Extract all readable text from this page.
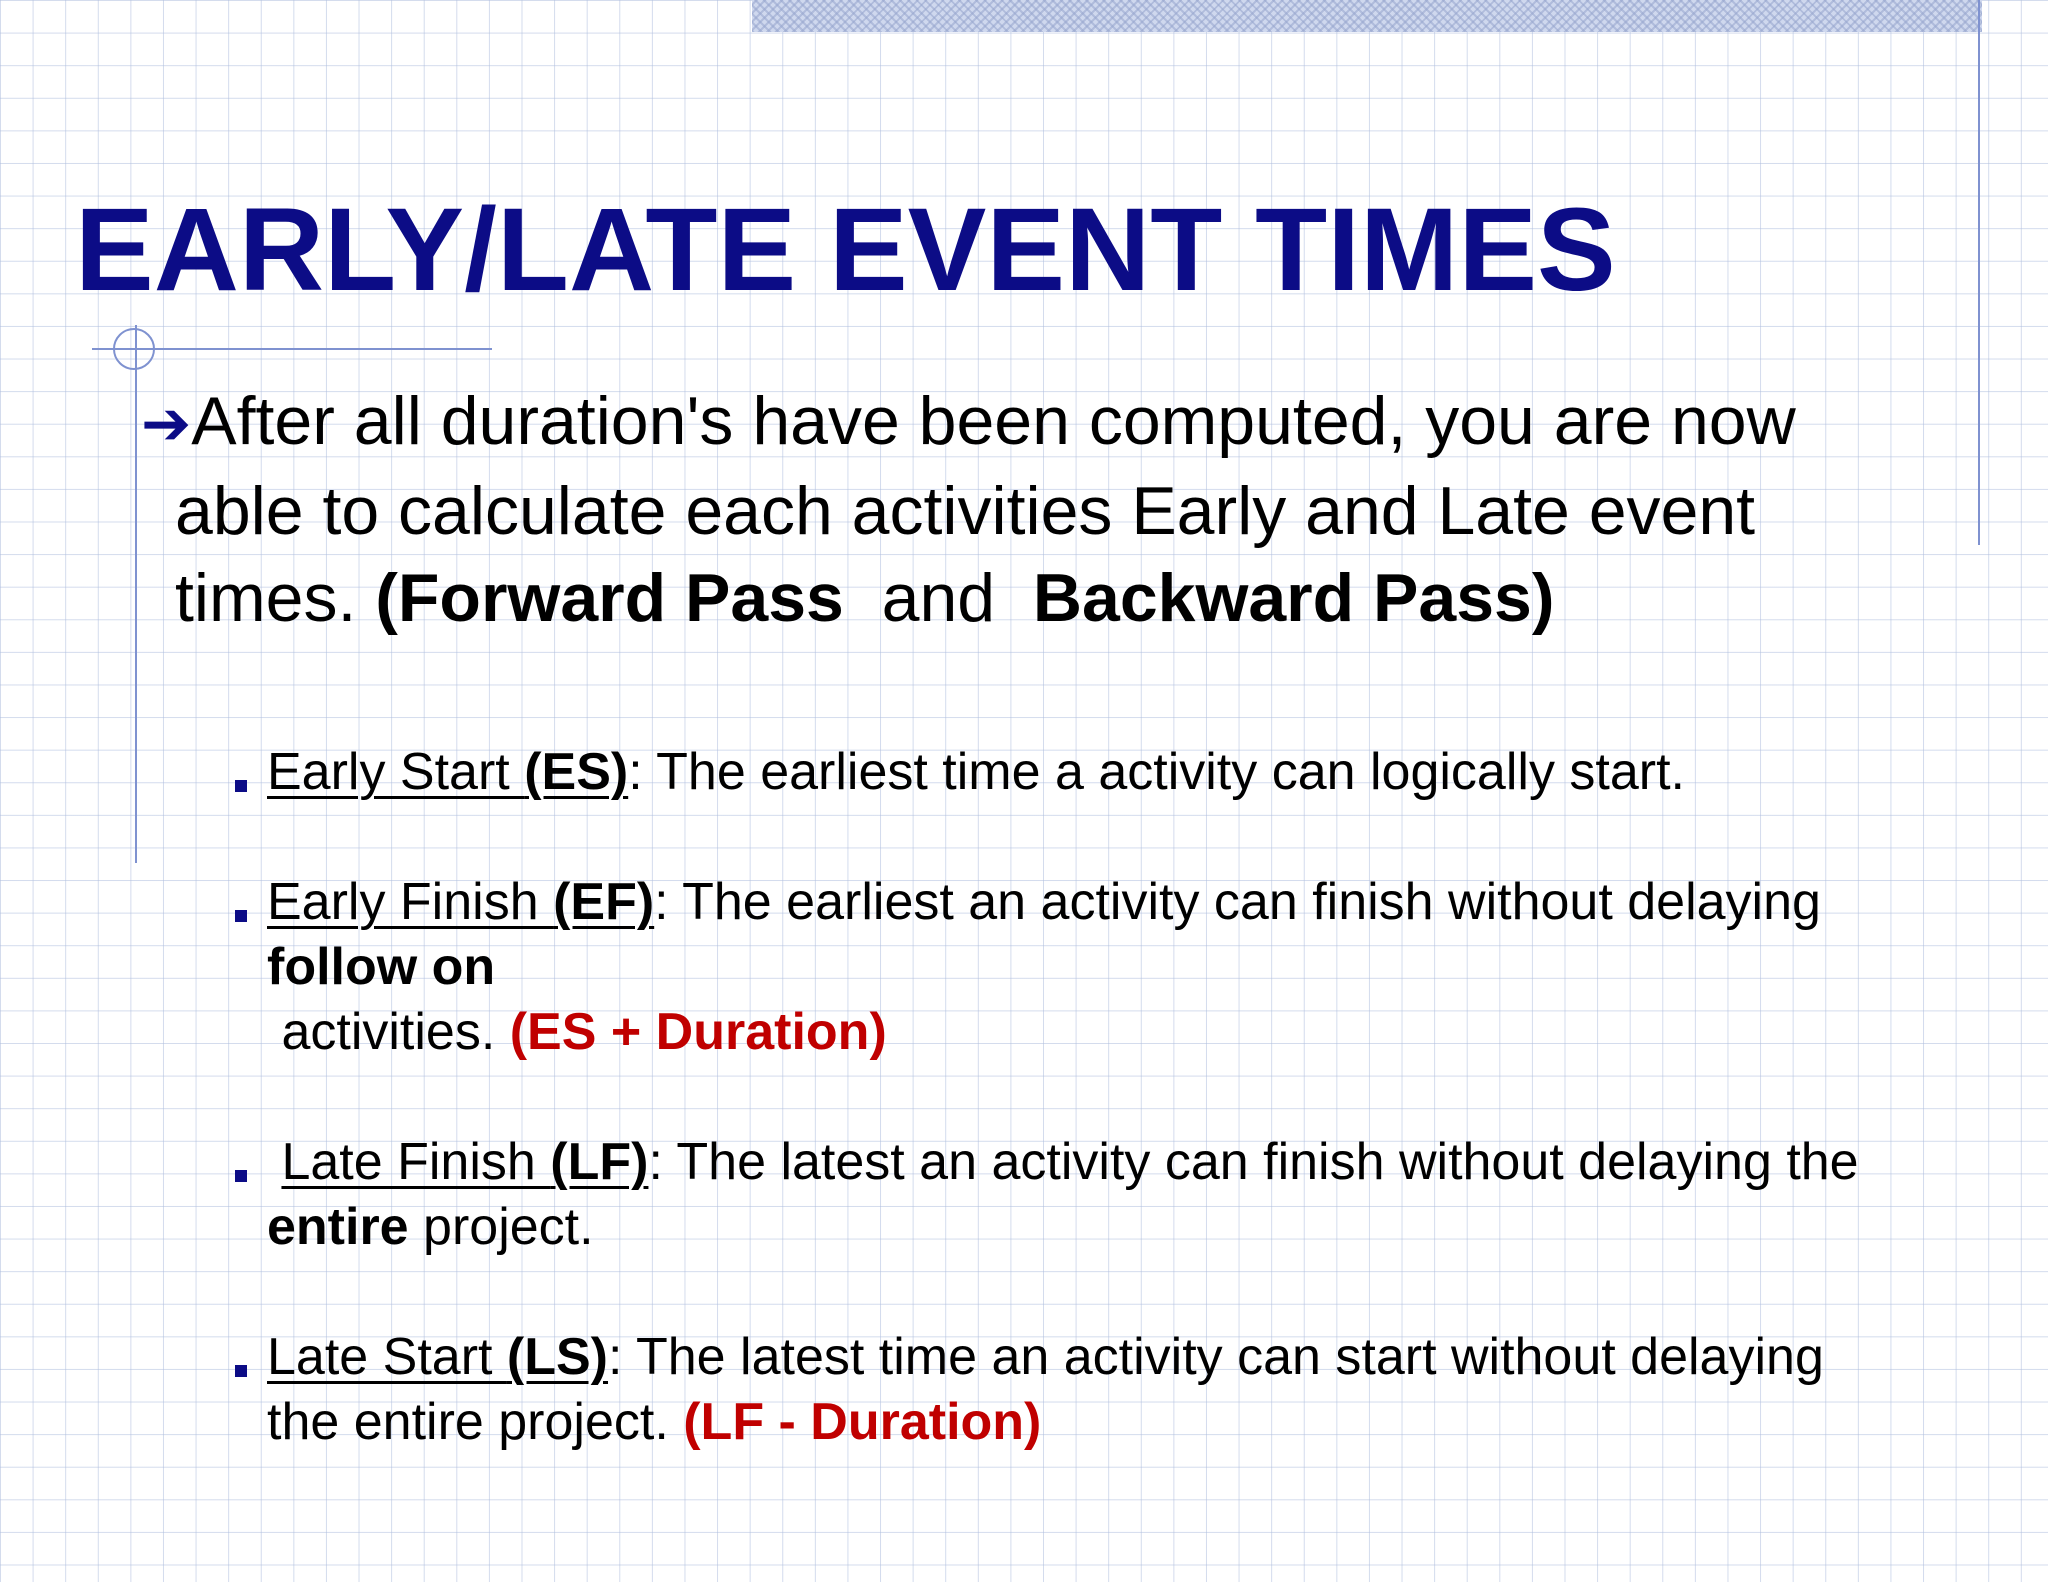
EARLY/LATE EVENT TIMES

➔After all duration's have been computed, you are now
able to calculate each activities Early and Late event
times. (Forward Pass  and  Backward Pass)

Early Start (ES): The earliest time a activity can logically start.

Early Finish (EF): The earliest an activity can finish without delaying
follow on
activities. (ES + Duration)

Late Finish (LF): The latest an activity can finish without delaying the
entire project.

Late Start (LS): The latest time an activity can start without delaying
the entire project. (LF - Duration)
